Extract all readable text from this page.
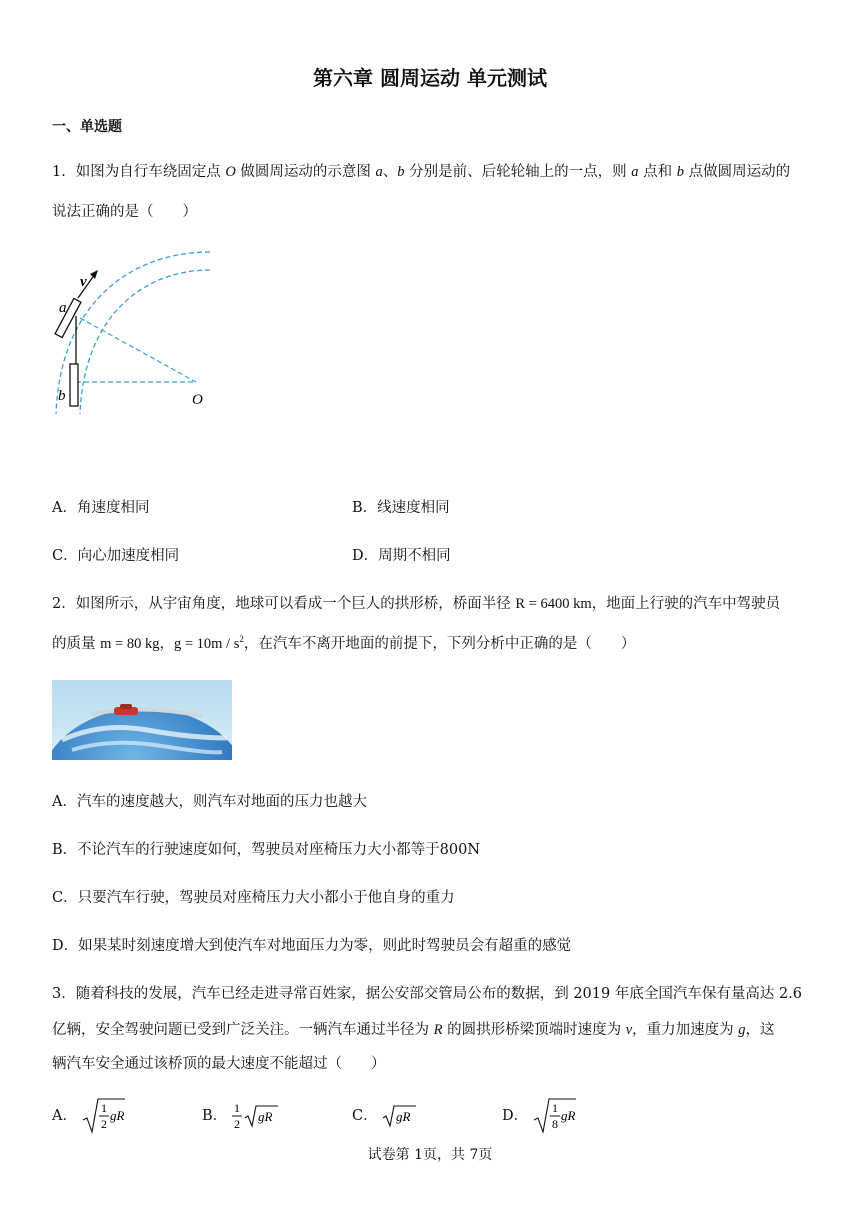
第六章 圆周运动 单元测试
一、单选题
1．如图为自行车绕固定点 O 做圆周运动的示意图 a、b 分别是前、后轮轮轴上的一点，则 a 点和 b 点做圆周运动的
说法正确的是（　　）
v
a
b	O
A．角速度相同	B．线速度相同
C．向心加速度相同	D．周期不相同
2．如图所示，从宇宙角度，地球可以看成一个巨人的拱形桥，桥面半径 R = 6400 km，地面上行驶的汽车中驾驶员
的质量 m = 80 kg，$g = 10m / s^2$，在汽车不离开地面的前提下，下列分析中正确的是（　　）
A．汽车的速度越大，则汽车对地面的压力也越大
B．不论汽车的行驶速度如何，驾驶员对座椅压力大小都等于800N
C．只要汽车行驶，驾驶员对座椅压力大小都小于他自身的重力
D．如果某时刻速度增大到使汽车对地面压力为零，则此时驾驶员会有超重的感觉
3．随着科技的发展，汽车已经走进寻常百姓家，据公安部交管局公布的数据，到 2019 年底全国汽车保有量高达 2.6
亿辆，安全驾驶问题已受到广泛关注。一辆汽车通过半径为 R 的圆拱形桥梁顶端时速度为 v，重力加速度为 g，这
辆汽车安全通过该桥顶的最大速度不能超过（　　）
A． 1
2
gR	B． 1
2 gR	C． gR	D． 1
8
gR
试卷第 1页，共 7页
